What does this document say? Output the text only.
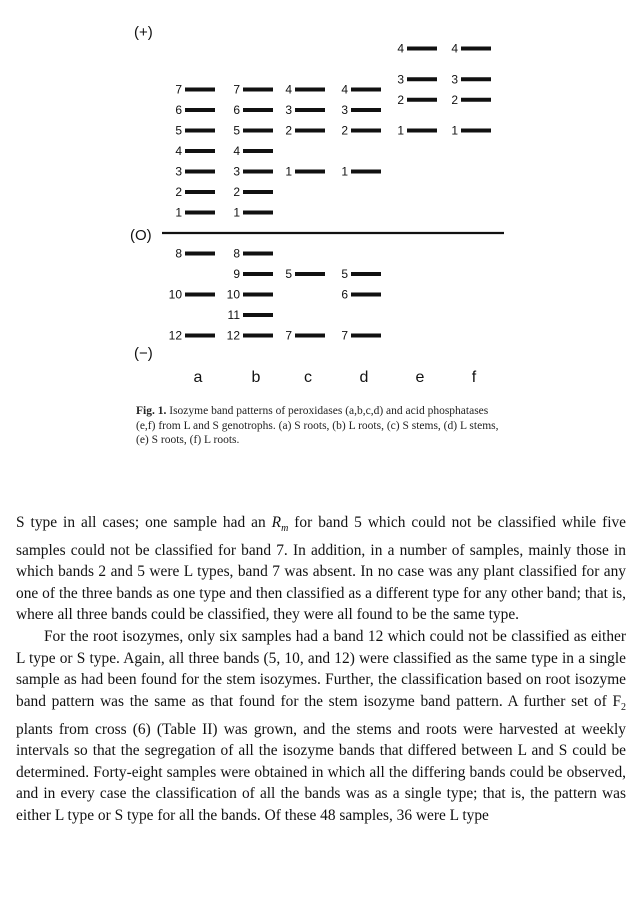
(+)
(O)
(−)
7
6
5
4
3
2
1
8
10
12
a
7
6
5
4
3
2
1
8
9
10
11
12
b
4
3
2
1
5
7
c
4
3
2
1
5
6
7
d
4
3
2
1
e
4
3
2
1
f
Fig. 1. Isozyme band patterns of peroxidases (a,b,c,d) and acid phosphatases (e,f) from L and S genotrophs. (a) S roots, (b) L roots, (c) S stems, (d) L stems, (e) S roots, (f) L roots.

S type in all cases; one sample had an $R_m$ for band 5 which could not be classified while five samples could not be classified for band 7. In addition, in a number of samples, mainly those in which bands 2 and 5 were L types, band 7 was absent. In no case was any plant classified for any one of the three bands as one type and then classified as a different type for any other band; that is, where all three bands could be classified, they were all found to be the same type.

For the root isozymes, only six samples had a band 12 which could not be classified as either L type or S type. Again, all three bands (5, 10, and 12) were classified as the same type in a single sample as had been found for the stem isozymes. Further, the classification based on root isozyme band pattern was the same as that found for the stem isozyme band pattern. A further set of $F_2$ plants from cross (6) (Table II) was grown, and the stems and roots were harvested at weekly intervals so that the segregation of all the isozyme bands that differed between L and S could be determined. Forty-eight samples were obtained in which all the differing bands could be observed, and in every case the classification of all the bands was as a single type; that is, the pattern was either L type or S type for all the bands. Of these 48 samples, 36 were L type
